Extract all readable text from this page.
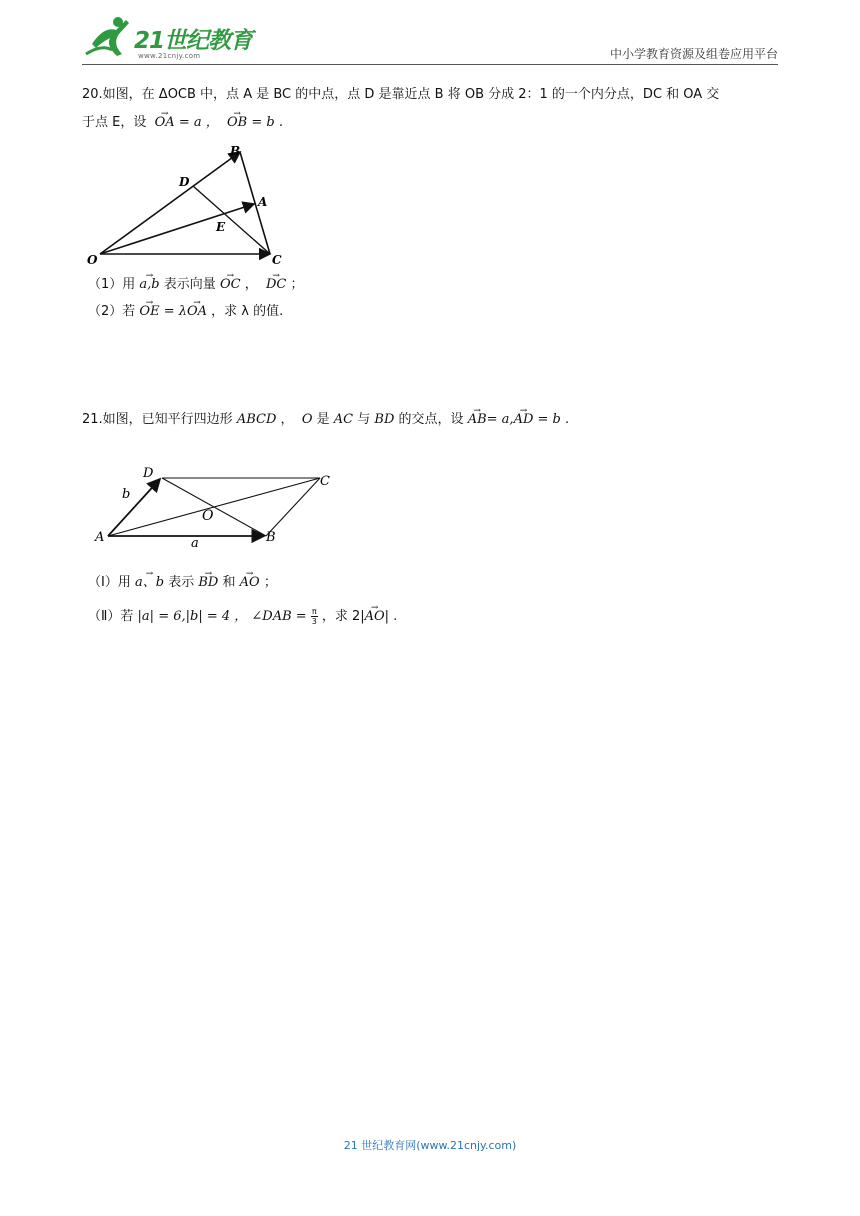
21世纪教育
www.21cnjy.com	中小学教育资源及组卷应用平台
20.如图，在 ΔOCB 中，点 A 是 BC 的中点，点 D 是靠近点 B 将 OB 分成 2：1 的一个内分点，DC 和 OA 交
于点 E，设 → OA = a ， → OB = b .
B
D
A
E
O	C
（1）用 → a,b 表示向量 → OC ， → DC ；
（2）若 → OE = λ→ OA ，求 λ 的值.
21.如图，已知平行四边形 ABCD ， O 是 AC 与 BD 的交点，设 → AB= a,→ AD = b .
D
C
O
A	B
a
b
（Ⅰ）用 → a、b 表示 → BD 和 → AO ；
（Ⅱ）若 |a| = 6,|b| = 4 ， ∠DAB = $\frac{\pi}{3}$ ，求 2|→ AO| .
21 世纪教育网(www.21cnjy.com)
